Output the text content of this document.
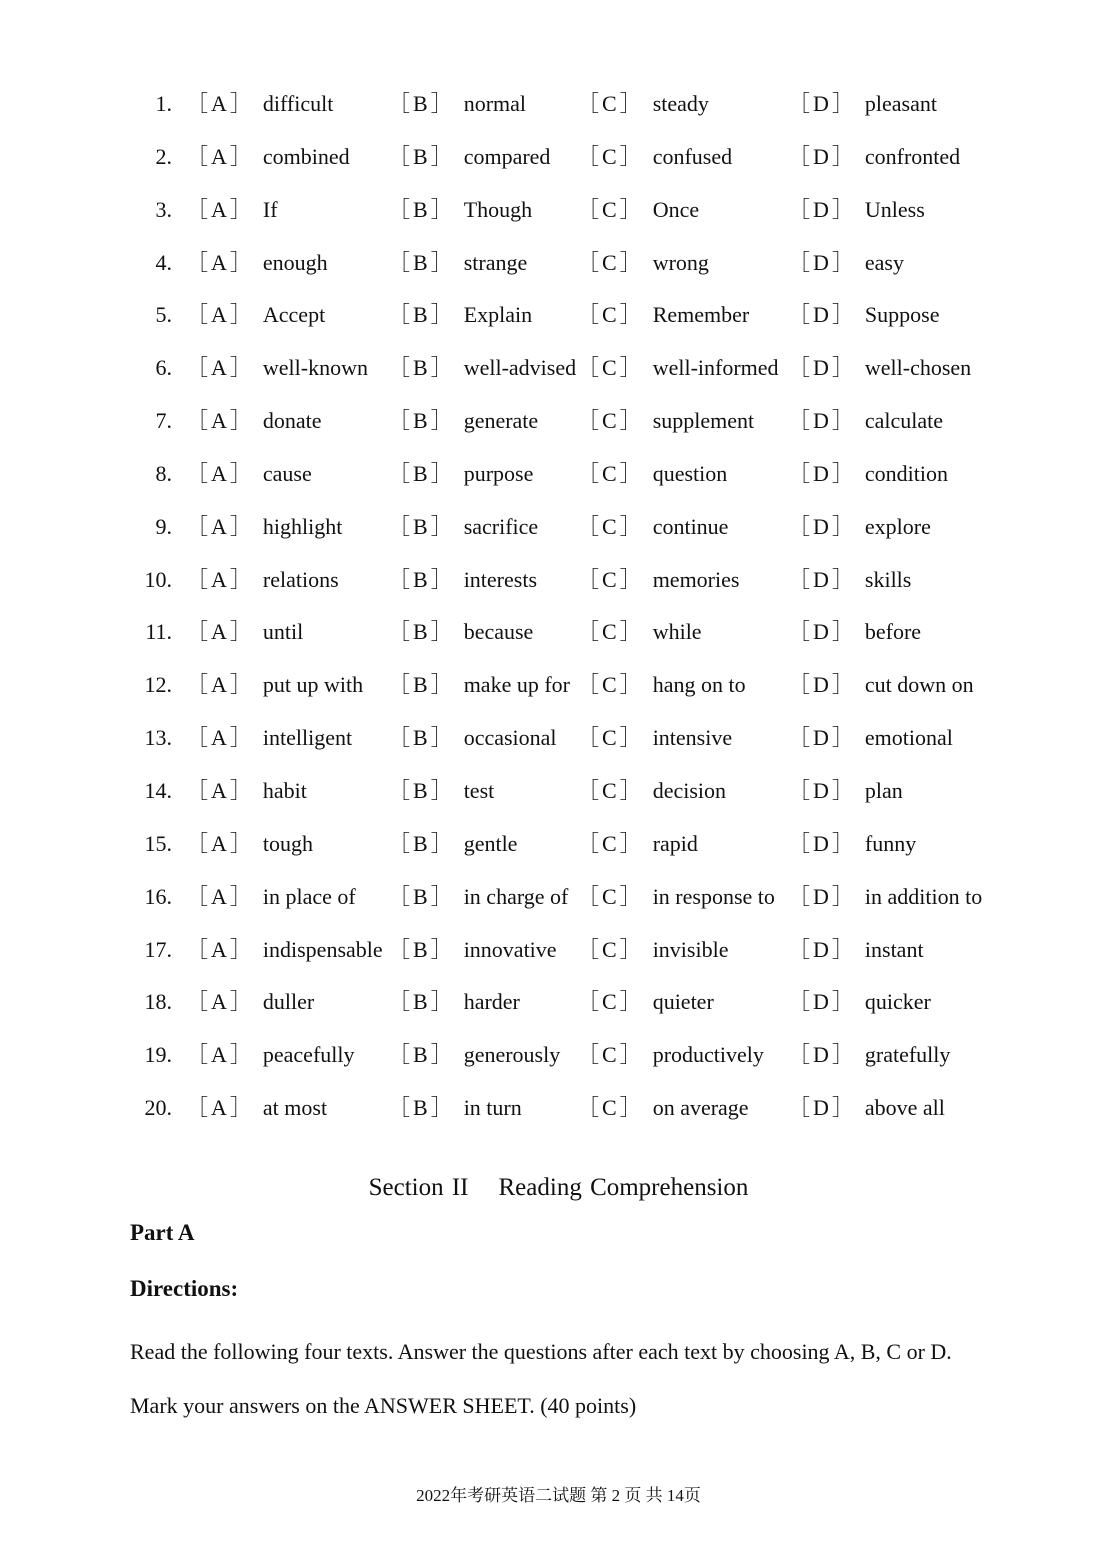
1. ［A］ difficult ［B］ normal ［C］ steady	［D］ pleasant
2. ［A］ combined ［B］ compared ［C］ confused	［D］ confronted
3. ［A］ If	［B］ Though ［C］ Once	［D］ Unless
4. ［A］ enough	［B］ strange ［C］ wrong	［D］ easy
5. ［A］ Accept	［B］ Explain ［C］ Remember ［D］ Suppose
6. ［A］ well-known ［B］ well-advised ［C］ well-informed ［D］ well-chosen
7. ［A］ donate	［B］ generate ［C］ supplement ［D］ calculate
8. ［A］ cause	［B］ purpose ［C］ question	［D］ condition
9. ［A］ highlight ［B］ sacrifice ［C］ continue	［D］ explore
10. ［A］ relations ［B］ interests ［C］ memories ［D］ skills
11. ［A］ until	［B］ because ［C］ while	［D］ before
12. ［A］ put up with ［B］ make up for ［C］ hang on to ［D］ cut down on
13. ［A］ intelligent ［B］ occasional ［C］ intensive	［D］ emotional
14. ［A］ habit	［B］ test	［C］ decision	［D］ plan
15. ［A］ tough	［B］ gentle	［C］ rapid	［D］ funny
16. ［A］ in place of ［B］ in charge of ［C］ in response to ［D］ in addition to
17. ［A］ indispensable ［B］ innovative ［C］ invisible	［D］ instant
18. ［A］ duller	［B］ harder	［C］ quieter	［D］ quicker
19. ［A］ peacefully ［B］ generously ［C］ productively ［D］ gratefully
20. ［A］ at most	［B］ in turn	［C］ on average ［D］ above all
Section II Reading Comprehension
Part A
Directions:

Read the following four texts. Answer the questions after each text by choosing A, B, C or D. Mark your answers on the ANSWER SHEET. (40 points)

2022年考研英语二试题 第 2 页 共 14页
